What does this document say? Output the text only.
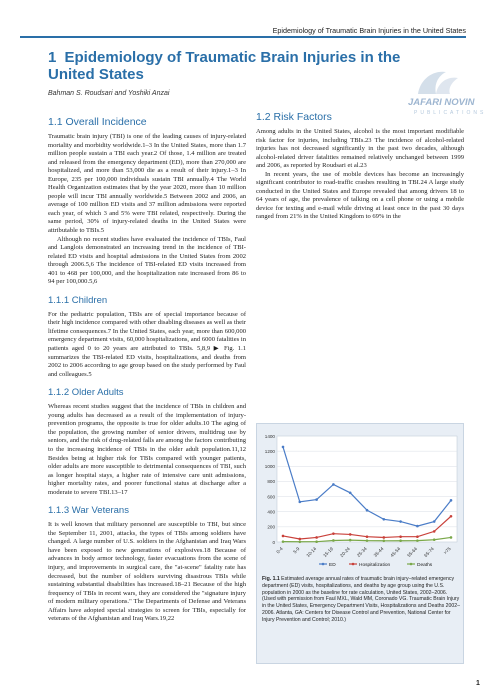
Epidemiology of Traumatic Brain Injuries in the United States
JAFARI NOVIN
PUBLICATIONS
1 Epidemiology of Traumatic Brain Injuries in the United States
Bahman S. Roudsari and Yoshiki Anzai
1.1 Overall Incidence

Traumatic brain injury (TBI) is one of the leading causes of injury-related mortality and morbidity worldwide.1–3 In the United States, more than 1.7 million people sustain a TBI each year.2 Of those, 1.4 million are treated and released from the emergency department (ED), more than 270,000 are hospitalized, and more than 53,000 die as a result of their injury.1–3 In Europe, 235 per 100,000 individuals sustain TBI annually.4 The World Health Organization estimates that by the year 2020, more than 10 million people will incur TBI annually worldwide.5 Between 2002 and 2006, an average of 100 million ED visits and 37 million admissions were reported each year, of which 3 and 5% were TBI related, respectively. During the same period, 30% of injury-related deaths in the United States were attributable to TBIs.5

Although no recent studies have evaluated the incidence of TBIs, Faul and Langlois demonstrated an increasing trend in the incidence of TBI-related ED visits and hospital admissions in the United States from 2002 through 2006.5,6 The incidence of TBI-related ED visits increased from 401 to 468 per 100,000, and the hospitalization rate increased from 86 to 94 per 100,000.5,6

1.1.1 Children

For the pediatric population, TBIs are of special importance because of their high incidence compared with other disabling diseases as well as their lifetime consequences.7 In the United States, each year, more than 600,000 emergency department visits, 60,000 hospitalizations, and 6000 fatalities in patients aged 0 to 20 years are attributed to TBIs. 5,8,9 ▶ Fig. 1.1 summarizes the TBI-related ED visits, hospitalizations, and deaths from 2002 to 2006 according to age group based on the study performed by Faul and colleagues.5

1.1.2 Older Adults

Whereas recent studies suggest that the incidence of TBIs in children and young adults has decreased as a result of the implementation of injury-prevention programs, the opposite is true for older adults.10 The aging of the population, the growing number of senior drivers, multidrug use by seniors, and the risk of drug-related falls are among the factors contributing to the increasing incidence of TBIs in the older adult population.11,12 Besides being at higher risk for TBIs compared with younger patients, older adults are more susceptible to detrimental consequences of TBI, such as longer hospital stays, a higher rate of intensive care unit admissions, higher mortality rates, and poorer functional status at discharge after a moderate to severe TBI.13–17

1.1.3 War Veterans

It is well known that military personnel are susceptible to TBI, but since the September 11, 2001, attacks, the types of TBIs among soldiers have changed. A large number of U.S. soldiers in the Afghanistan and Iraq Wars have been exposed to new generations of explosives.18 Because of advances in body armor technology, faster evacuations from the scene of injury, and improvements in surgical care, the "at-scene" fatality rate has decreased, but the number of soldiers surviving disastrous TBIs while sustaining substantial disabilities has increased.18–21 Because of the high frequency of TBIs in recent wars, they are considered the "signature injury of modern military operations." The Departments of Defense and Veterans Affairs have adopted special strategies to screen for TBIs, especially for veterans of the Afghanistan and Iraq Wars.19,22

1.2 Risk Factors

Among adults in the United States, alcohol is the most important modifiable risk factor for injuries, including TBIs.23 The incidence of alcohol-related injuries has not decreased significantly in the past two decades, although alcohol-related driver fatalities remained relatively unchanged between 1999 and 2006, as reported by Roudsari et al.23

In recent years, the use of mobile devices has become an increasingly significant contributor to road-traffic crashes resulting in TBI.24 A large study conducted in the United States and Europe revealed that among drivers 18 to 64 years of age, the prevalence of talking on a cell phone or using a mobile device for texting and e-mail while driving at least once in the past 30 days ranged from 21% in the United Kingdom to 69% in the

0
200
400
600
800
1000
1200
1400
0-4 5-9 10-14 15-19 20-24 25-34 35-44 45-54 55-64 65-74 >75
ED	Hospitalization	Deaths
Fig. 1.1 Estimated average annual rates of traumatic brain injury–related emergency department (ED) visits, hospitalizations, and deaths by age group using the U.S. population in 2000 as the baseline for rate calculation, United States, 2002–2006. (Used with permission from Faul MXL, Wald MM, Coronado VG. Traumatic Brain Injury in the United States, Emergency Department Visits, Hospitalizations and Deaths 2002–2006. Atlanta, GA: Centers for Disease Control and Prevention, National Center for Injury Prevention and Control; 2010.)
1
